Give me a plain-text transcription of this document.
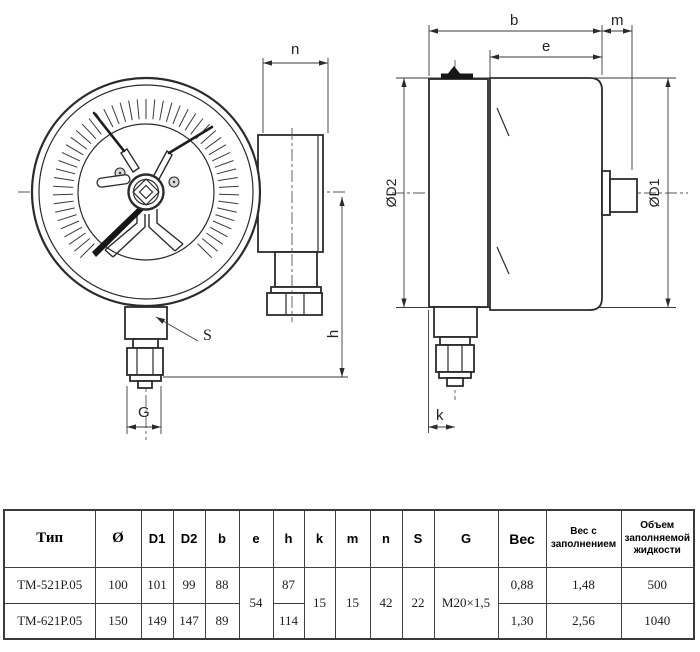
n
S
G
h
b	m
e
ØD2	ØD1
k
Тип	Ø	D1	D2	b	e	h	k	m	n	S	G	Вес	Вес с заполнением	Объем заполняемой жидкости
ТМ-521Р.05	100	101	99	88	54	87	15	15	42	22	М20×1,5	0,88	1,48	500
ТМ-621Р.05	150	149	147	89		114						1,30	2,56	1040
